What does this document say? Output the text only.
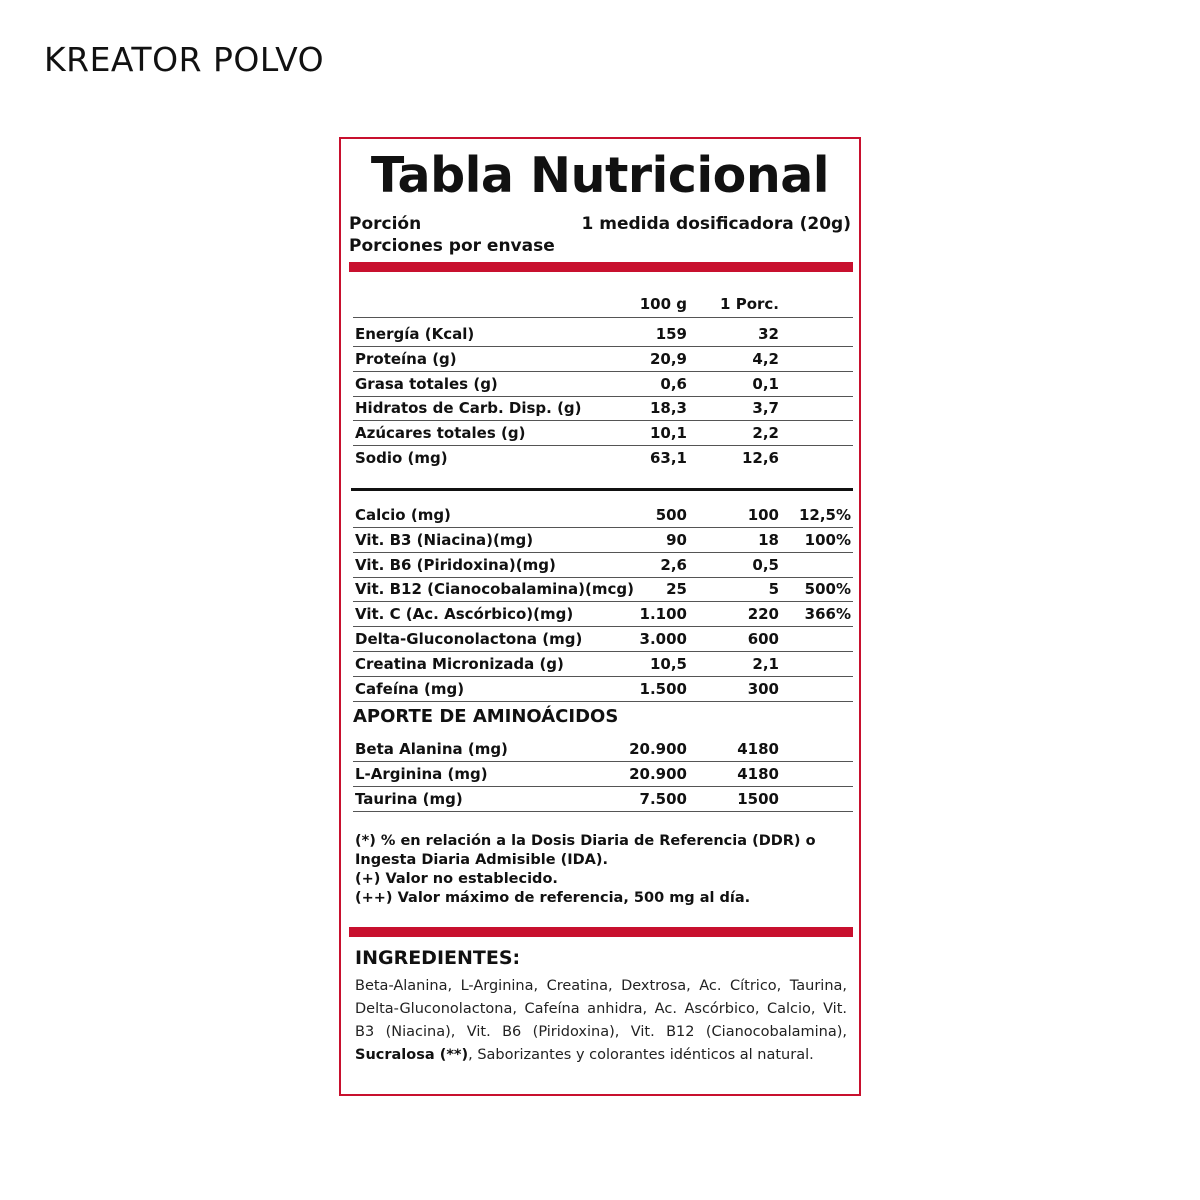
KREATOR POLVO
Tabla Nutricional
Porción	1 medida dosificadora (20g)
Porciones por envase
100 g 1 Porc.
Energía (Kcal)	159	32
Proteína (g)	20,9	4,2
Grasa totales (g)	0,6	0,1
Hidratos de Carb. Disp. (g)	18,3	3,7
Azúcares totales (g)	10,1	2,2
Sodio (mg)	63,1	12,6
Calcio (mg)	500	100 12,5%
Vit. B3 (Niacina)(mg)	90	18 100%
Vit. B6 (Piridoxina)(mg)	2,6	0,5
Vit. B12 (Cianocobalamina)(mcg) 25	5 500%
Vit. C (Ac. Ascórbico)(mg)	1.100	220 366%
Delta-Gluconolactona (mg)	3.000	600
Creatina Micronizada (g)	10,5	2,1
Cafeína (mg)	1.500	300
APORTE DE AMINOÁCIDOS
Beta Alanina (mg)	20.900	4180
L-Arginina (mg)	20.900	4180
Taurina (mg)	7.500	1500
(*) % en relación a la Dosis Diaria de Referencia (DDR) o
Ingesta Diaria Admisible (IDA).
(+) Valor no establecido.
(++) Valor máximo de referencia, 500 mg al día.
INGREDIENTES:
Beta-Alanina, L-Arginina, Creatina, Dextrosa, Ac. Cítrico, Taurina, Delta-Gluconolactona, Cafeína anhidra, Ac. Ascórbico, Calcio, Vit. B3 (Niacina), Vit. B6 (Piridoxina), Vit. B12 (Cianocobalamina), Sucralosa (**), Saborizantes y colorantes idénticos al natural.
